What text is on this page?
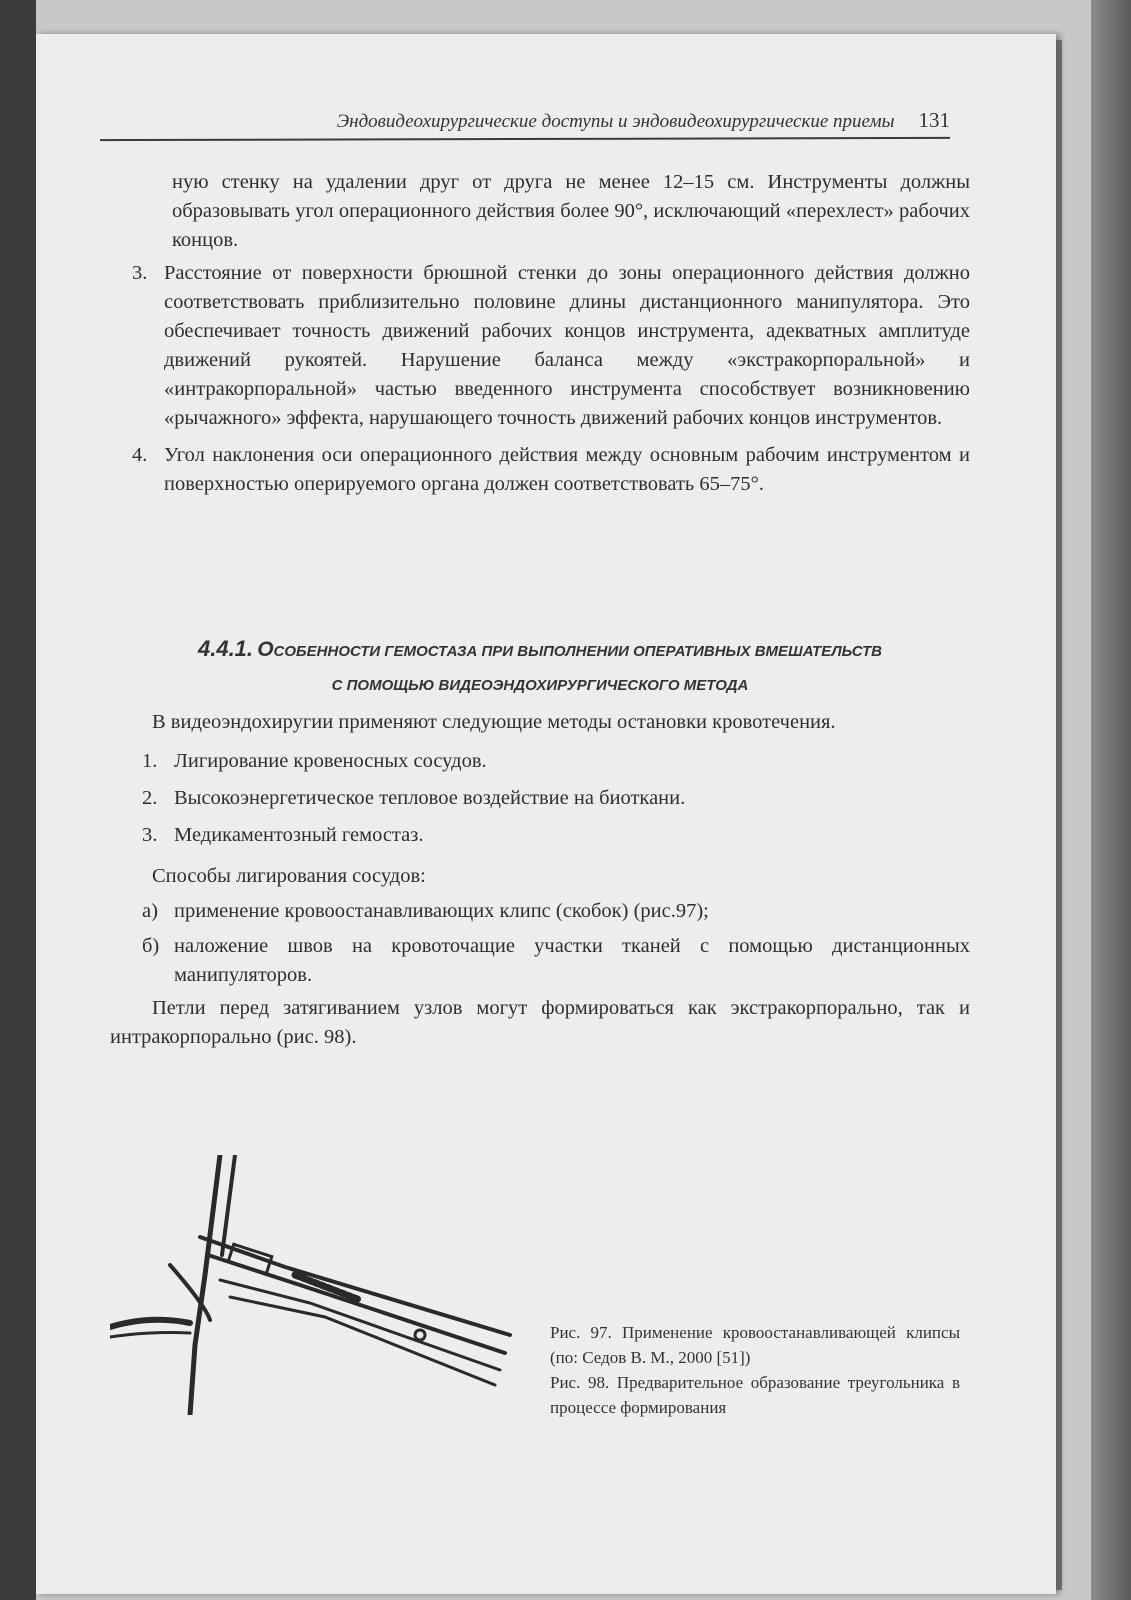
Эндовидеохирургические доступы и эндовидеохирургические приемы 131
ную стенку на удалении друг от друга не менее 12–15 см. Инструменты должны образовывать угол операционного действия более 90°, исключающий «перехлест» рабочих концов.
3. Расстояние от поверхности брюшной стенки до зоны операционного действия должно соответствовать приблизительно половине длины дистанционного манипулятора. Это обеспечивает точность движений рабочих концов инструмента, адекватных амплитуде движений рукоятей. Нарушение баланса между «экстракорпоральной» и «интракорпоральной» частью введенного инструмента способствует возникновению «рычажного» эффекта, нарушающего точность движений рабочих концов инструментов.
4. Угол наклонения оси операционного действия между основным рабочим инструментом и поверхностью оперируемого органа должен соответствовать 65–75°.
4.4.1. ОСОБЕННОСТИ ГЕМОСТАЗА ПРИ ВЫПОЛНЕНИИ ОПЕРАТИВНЫХ ВМЕШАТЕЛЬСТВ
С ПОМОЩЬЮ ВИДЕОЭНДОХИРУРГИЧЕСКОГО МЕТОДА
В видеоэндохиругии применяют следующие методы остановки кровотечения.
1. Лигирование кровеносных сосудов.
2. Высокоэнергетическое тепловое воздействие на биоткани.
3. Медикаментозный гемостаз.
Способы лигирования сосудов:
а) применение кровоостанавливающих клипс (скобок) (рис.97);
б) наложение швов на кровоточащие участки тканей с помощью дистанционных манипуляторов.
Петли перед затягиванием узлов могут формироваться как экстракорпорально, так и интракорпорально (рис. 98).
Рис. 97. Применение кровоостанавливающей клипсы (по: Седов В. М., 2000 [51])
Рис. 98. Предварительное образование треугольника в процессе формирования
